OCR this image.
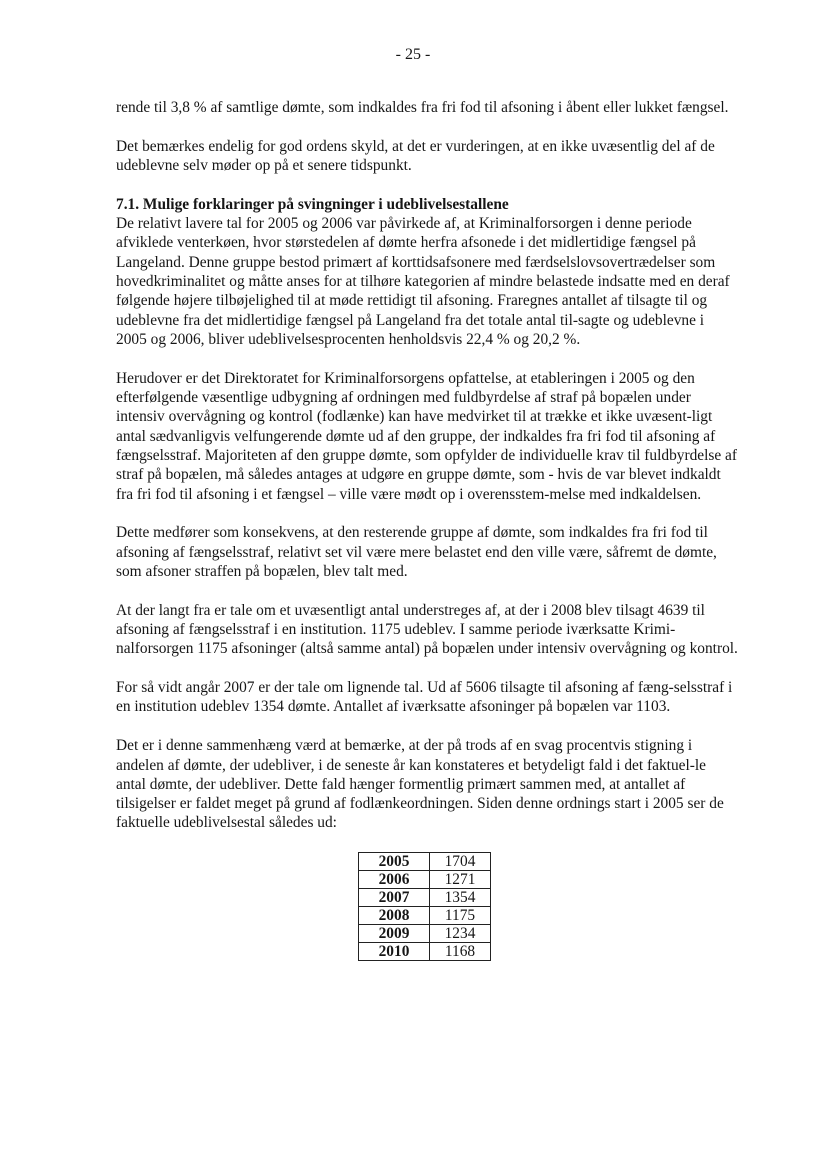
- 25 -

rende til 3,8 % af samtlige dømte, som indkaldes fra fri fod til afsoning i åbent eller lukket fængsel.

Det bemærkes endelig for god ordens skyld, at det er vurderingen, at en ikke uvæsentlig del af de udeblevne selv møder op på et senere tidspunkt.

7.1. Mulige forklaringer på svingninger i udeblivelsestallene

De relativt lavere tal for 2005 og 2006 var påvirkede af, at Kriminalforsorgen i denne periode afviklede venterkøen, hvor størstedelen af dømte herfra afsonede i det midlertidige fængsel på Langeland. Denne gruppe bestod primært af korttidsafsonere med færdselslovsovertrædelser som hovedkriminalitet og måtte anses for at tilhøre kategorien af mindre belastede indsatte med en deraf følgende højere tilbøjelighed til at møde rettidigt til afsoning. Fraregnes antallet af tilsagte til og udeblevne fra det midlertidige fængsel på Langeland fra det totale antal til-sagte og udeblevne i 2005 og 2006, bliver udeblivelsesprocenten henholdsvis 22,4 % og 20,2 %.

Herudover er det Direktoratet for Kriminalforsorgens opfattelse, at etableringen i 2005 og den efterfølgende væsentlige udbygning af ordningen med fuldbyrdelse af straf på bopælen under intensiv overvågning og kontrol (fodlænke) kan have medvirket til at trække et ikke uvæsent-ligt antal sædvanligvis velfungerende dømte ud af den gruppe, der indkaldes fra fri fod til afsoning af fængselsstraf. Majoriteten af den gruppe dømte, som opfylder de individuelle krav til fuldbyrdelse af straf på bopælen, må således antages at udgøre en gruppe dømte, som - hvis de var blevet indkaldt fra fri fod til afsoning i et fængsel – ville være mødt op i overensstem-melse med indkaldelsen.

Dette medfører som konsekvens, at den resterende gruppe af dømte, som indkaldes fra fri fod til afsoning af fængselsstraf, relativt set vil være mere belastet end den ville være, såfremt de dømte, som afsoner straffen på bopælen, blev talt med.

At der langt fra er tale om et uvæsentligt antal understreges af, at der i 2008 blev tilsagt 4639 til afsoning af fængselsstraf i en institution. 1175 udeblev. I samme periode iværksatte Krimi-nalforsorgen 1175 afsoninger (altså samme antal) på bopælen under intensiv overvågning og kontrol.

For så vidt angår 2007 er der tale om lignende tal. Ud af 5606 tilsagte til afsoning af fæng-selsstraf i en institution udeblev 1354 dømte. Antallet af iværksatte afsoninger på bopælen var 1103.

Det er i denne sammenhæng værd at bemærke, at der på trods af en svag procentvis stigning i andelen af dømte, der udebliver, i de seneste år kan konstateres et betydeligt fald i det faktuel-le antal dømte, der udebliver. Dette fald hænger formentlig primært sammen med, at antallet af tilsigelser er faldet meget på grund af fodlænkeordningen. Siden denne ordnings start i 2005 ser de faktuelle udeblivelsestal således ud:

2005	1704
2006	1271
2007	1354
2008	1175
2009	1234
2010	1168
